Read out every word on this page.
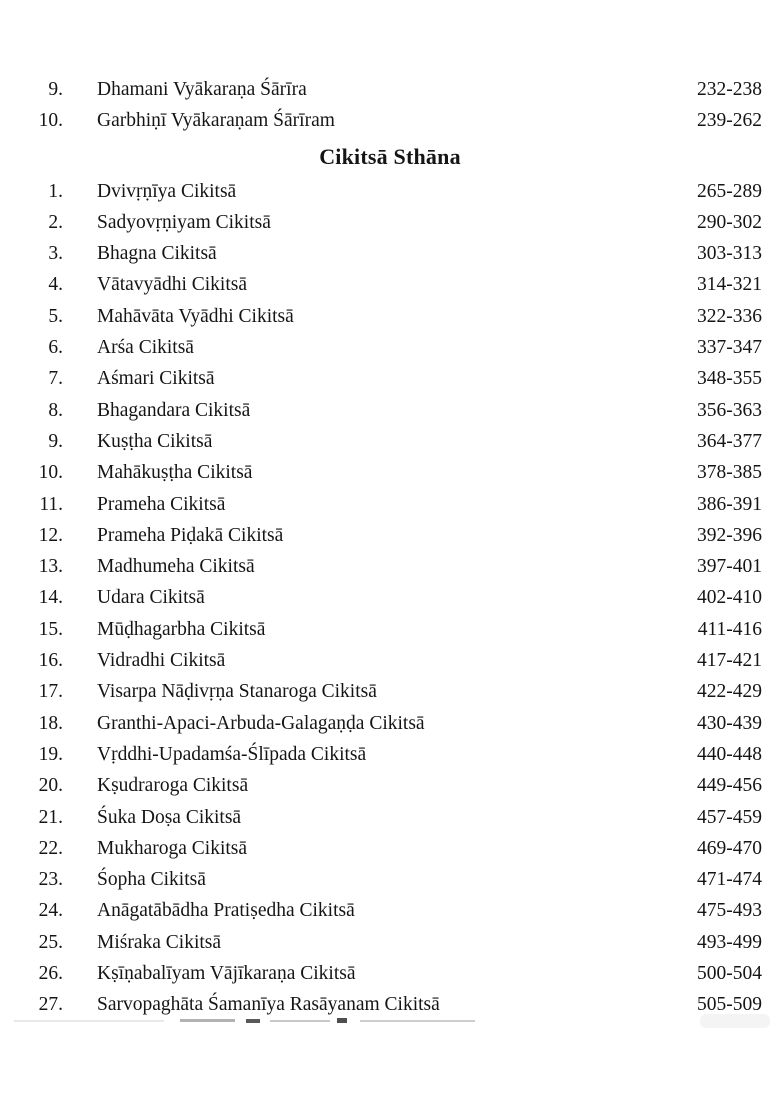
9. Dhamani Vyākaraṇa Śārīra	232-238
10. Garbhiṇī Vyākaraṇam Śārīram	239-262
Cikitsā Sthāna
1. Dvivṛṇīya Cikitsā	265-289
2. Sadyovṛṇiyam Cikitsā	290-302
3. Bhagna Cikitsā	303-313
4. Vātavyādhi Cikitsā	314-321
5. Mahāvāta Vyādhi Cikitsā	322-336
6. Arśa Cikitsā	337-347
7. Aśmari Cikitsā	348-355
8. Bhagandara Cikitsā	356-363
9. Kuṣṭha Cikitsā	364-377
10. Mahākuṣṭha Cikitsā	378-385
11. Prameha Cikitsā	386-391
12. Prameha Piḍakā Cikitsā	392-396
13. Madhumeha Cikitsā	397-401
14. Udara Cikitsā	402-410
15. Mūḍhagarbha Cikitsā	411-416
16. Vidradhi Cikitsā	417-421
17. Visarpa Nāḍivṛṇa Stanaroga Cikitsā	422-429
18. Granthi-Apaci-Arbuda-Galagaṇḍa Cikitsā	430-439
19. Vṛddhi-Upadamśa-Ślīpada Cikitsā	440-448
20. Kṣudraroga Cikitsā	449-456
21. Śuka Doṣa Cikitsā	457-459
22. Mukharoga Cikitsā	469-470
23. Śopha Cikitsā	471-474
24. Anāgatābādha Pratiṣedha Cikitsā	475-493
25. Miśraka Cikitsā	493-499
26. Kṣīṇabalīyam Vājīkaraṇa Cikitsā	500-504
27. Sarvopaghāta Śamanīya Rasāyanam Cikitsā	505-509
